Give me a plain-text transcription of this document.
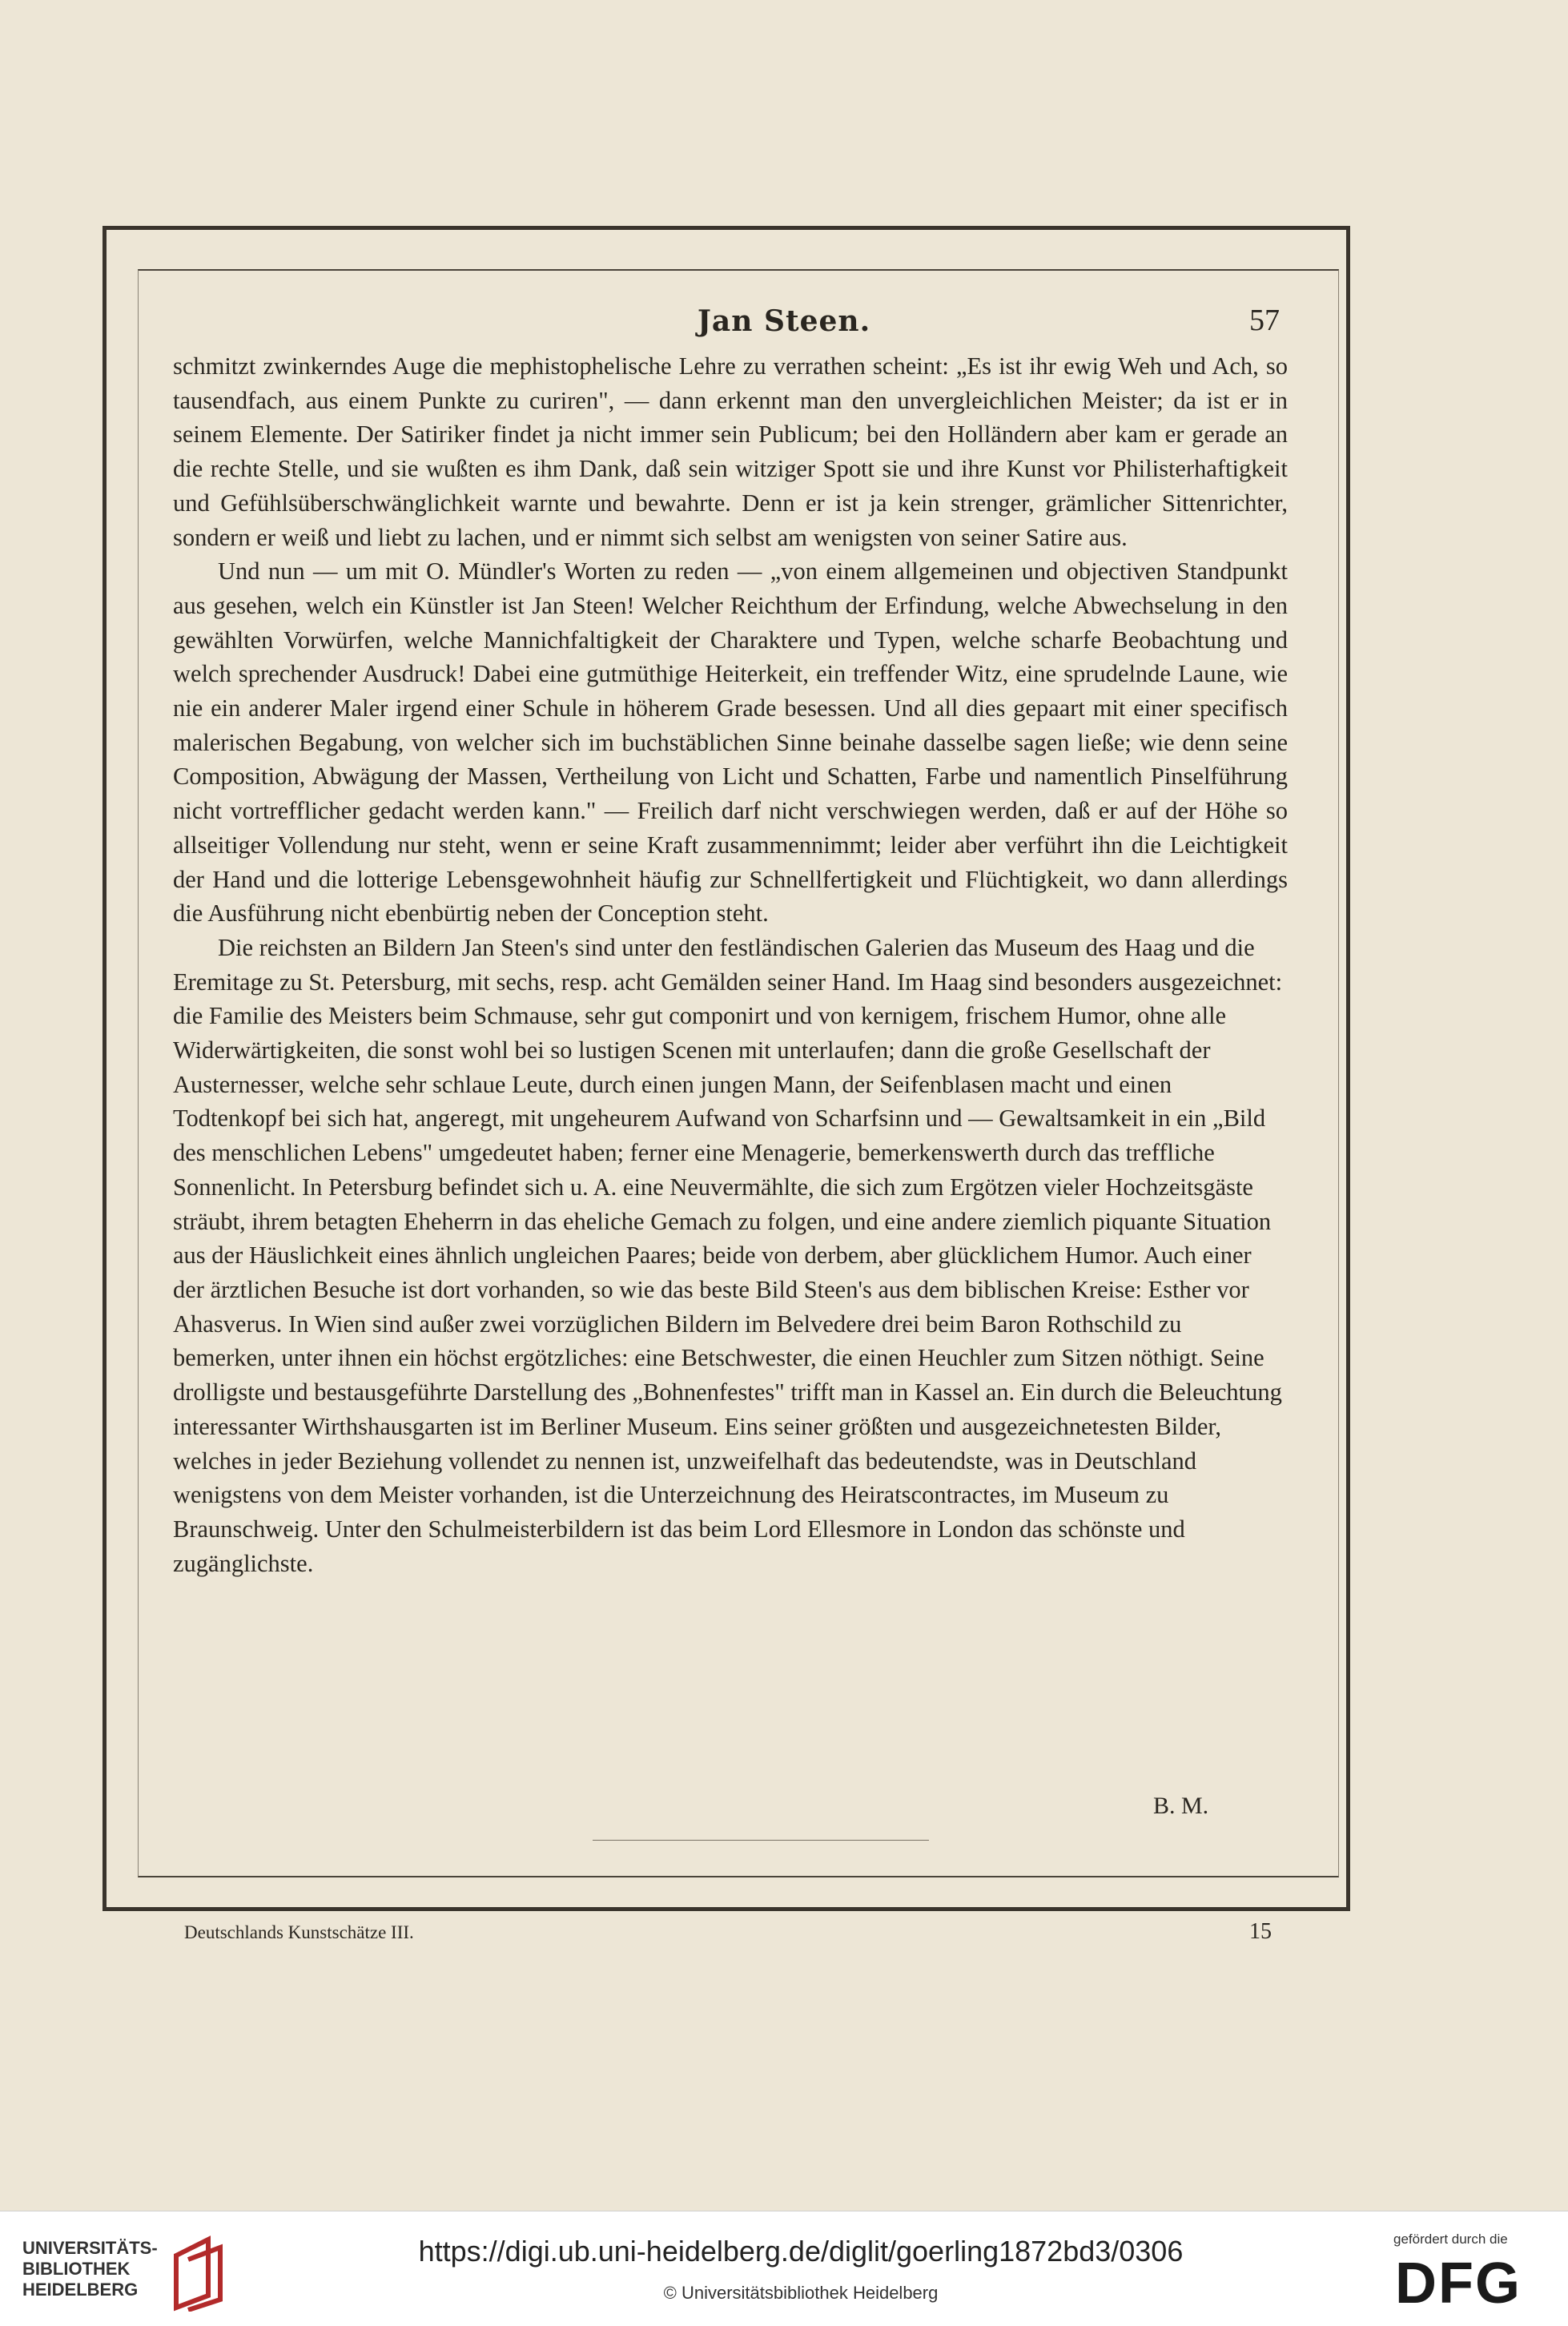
Jan Steen.	57

schmitzt zwinkerndes Auge die mephistophelische Lehre zu verrathen scheint: „Es ist ihr ewig Weh und Ach, so tausendfach, aus einem Punkte zu curiren", — dann erkennt man den unvergleichlichen Meister; da ist er in seinem Elemente. Der Satiriker findet ja nicht immer sein Publicum; bei den Holländern aber kam er gerade an die rechte Stelle, und sie wußten es ihm Dank, daß sein witziger Spott sie und ihre Kunst vor Philisterhaftigkeit und Gefühlsüberschwänglichkeit warnte und bewahrte. Denn er ist ja kein strenger, grämlicher Sittenrichter, sondern er weiß und liebt zu lachen, und er nimmt sich selbst am wenigsten von seiner Satire aus.

Und nun — um mit O. Mündler's Worten zu reden — „von einem allgemeinen und objectiven Standpunkt aus gesehen, welch ein Künstler ist Jan Steen! Welcher Reichthum der Erfindung, welche Abwechselung in den gewählten Vorwürfen, welche Mannichfaltigkeit der Charaktere und Typen, welche scharfe Beobachtung und welch sprechender Ausdruck! Dabei eine gutmüthige Heiterkeit, ein treffender Witz, eine sprudelnde Laune, wie nie ein anderer Maler irgend einer Schule in höherem Grade besessen. Und all dies gepaart mit einer specifisch malerischen Begabung, von welcher sich im buchstäblichen Sinne beinahe dasselbe sagen ließe; wie denn seine Composition, Abwägung der Massen, Vertheilung von Licht und Schatten, Farbe und namentlich Pinselführung nicht vortrefflicher gedacht werden kann." — Freilich darf nicht verschwiegen werden, daß er auf der Höhe so allseitiger Vollendung nur steht, wenn er seine Kraft zusammennimmt; leider aber verführt ihn die Leichtigkeit der Hand und die lotterige Lebensgewohnheit häufig zur Schnellfertigkeit und Flüchtigkeit, wo dann allerdings die Ausführung nicht ebenbürtig neben der Conception steht.

Die reichsten an Bildern Jan Steen's sind unter den festländischen Galerien das Museum des Haag und die Eremitage zu St. Petersburg, mit sechs, resp. acht Gemälden seiner Hand. Im Haag sind besonders ausgezeichnet: die Familie des Meisters beim Schmause, sehr gut componirt und von kernigem, frischem Humor, ohne alle Widerwärtigkeiten, die sonst wohl bei so lustigen Scenen mit unterlaufen; dann die große Gesellschaft der Austernesser, welche sehr schlaue Leute, durch einen jungen Mann, der Seifenblasen macht und einen Todtenkopf bei sich hat, angeregt, mit ungeheurem Aufwand von Scharfsinn und — Gewaltsamkeit in ein „Bild des menschlichen Lebens" umgedeutet haben; ferner eine Menagerie, bemerkenswerth durch das treffliche Sonnenlicht. In Petersburg befindet sich u. A. eine Neuvermählte, die sich zum Ergötzen vieler Hochzeitsgäste sträubt, ihrem betagten Eheherrn in das eheliche Gemach zu folgen, und eine andere ziemlich piquante Situation aus der Häuslichkeit eines ähnlich ungleichen Paares; beide von derbem, aber glücklichem Humor. Auch einer der ärztlichen Besuche ist dort vorhanden, so wie das beste Bild Steen's aus dem biblischen Kreise: Esther vor Ahasverus. In Wien sind außer zwei vorzüglichen Bildern im Belvedere drei beim Baron Rothschild zu bemerken, unter ihnen ein höchst ergötzliches: eine Betschwester, die einen Heuchler zum Sitzen nöthigt. Seine drolligste und bestausgeführte Darstellung des „Bohnenfestes" trifft man in Kassel an. Ein durch die Beleuchtung interessanter Wirthshausgarten ist im Berliner Museum. Eins seiner größten und ausgezeichnetesten Bilder, welches in jeder Beziehung vollendet zu nennen ist, unzweifelhaft das bedeutendste, was in Deutschland wenigstens von dem Meister vorhanden, ist die Unterzeichnung des Heiratscontractes, im Museum zu Braunschweig. Unter den Schulmeisterbildern ist das beim Lord Ellesmore in London das schönste und zugänglichste.

B. M.
Deutschlands Kunstschätze III.	15
UNIVERSITÄTS-
BIBLIOTHEK
HEIDELBERG
https://digi.ub.uni-heidelberg.de/diglit/goerling1872bd3/0306
© Universitätsbibliothek Heidelberg
gefördert durch die
DFG
